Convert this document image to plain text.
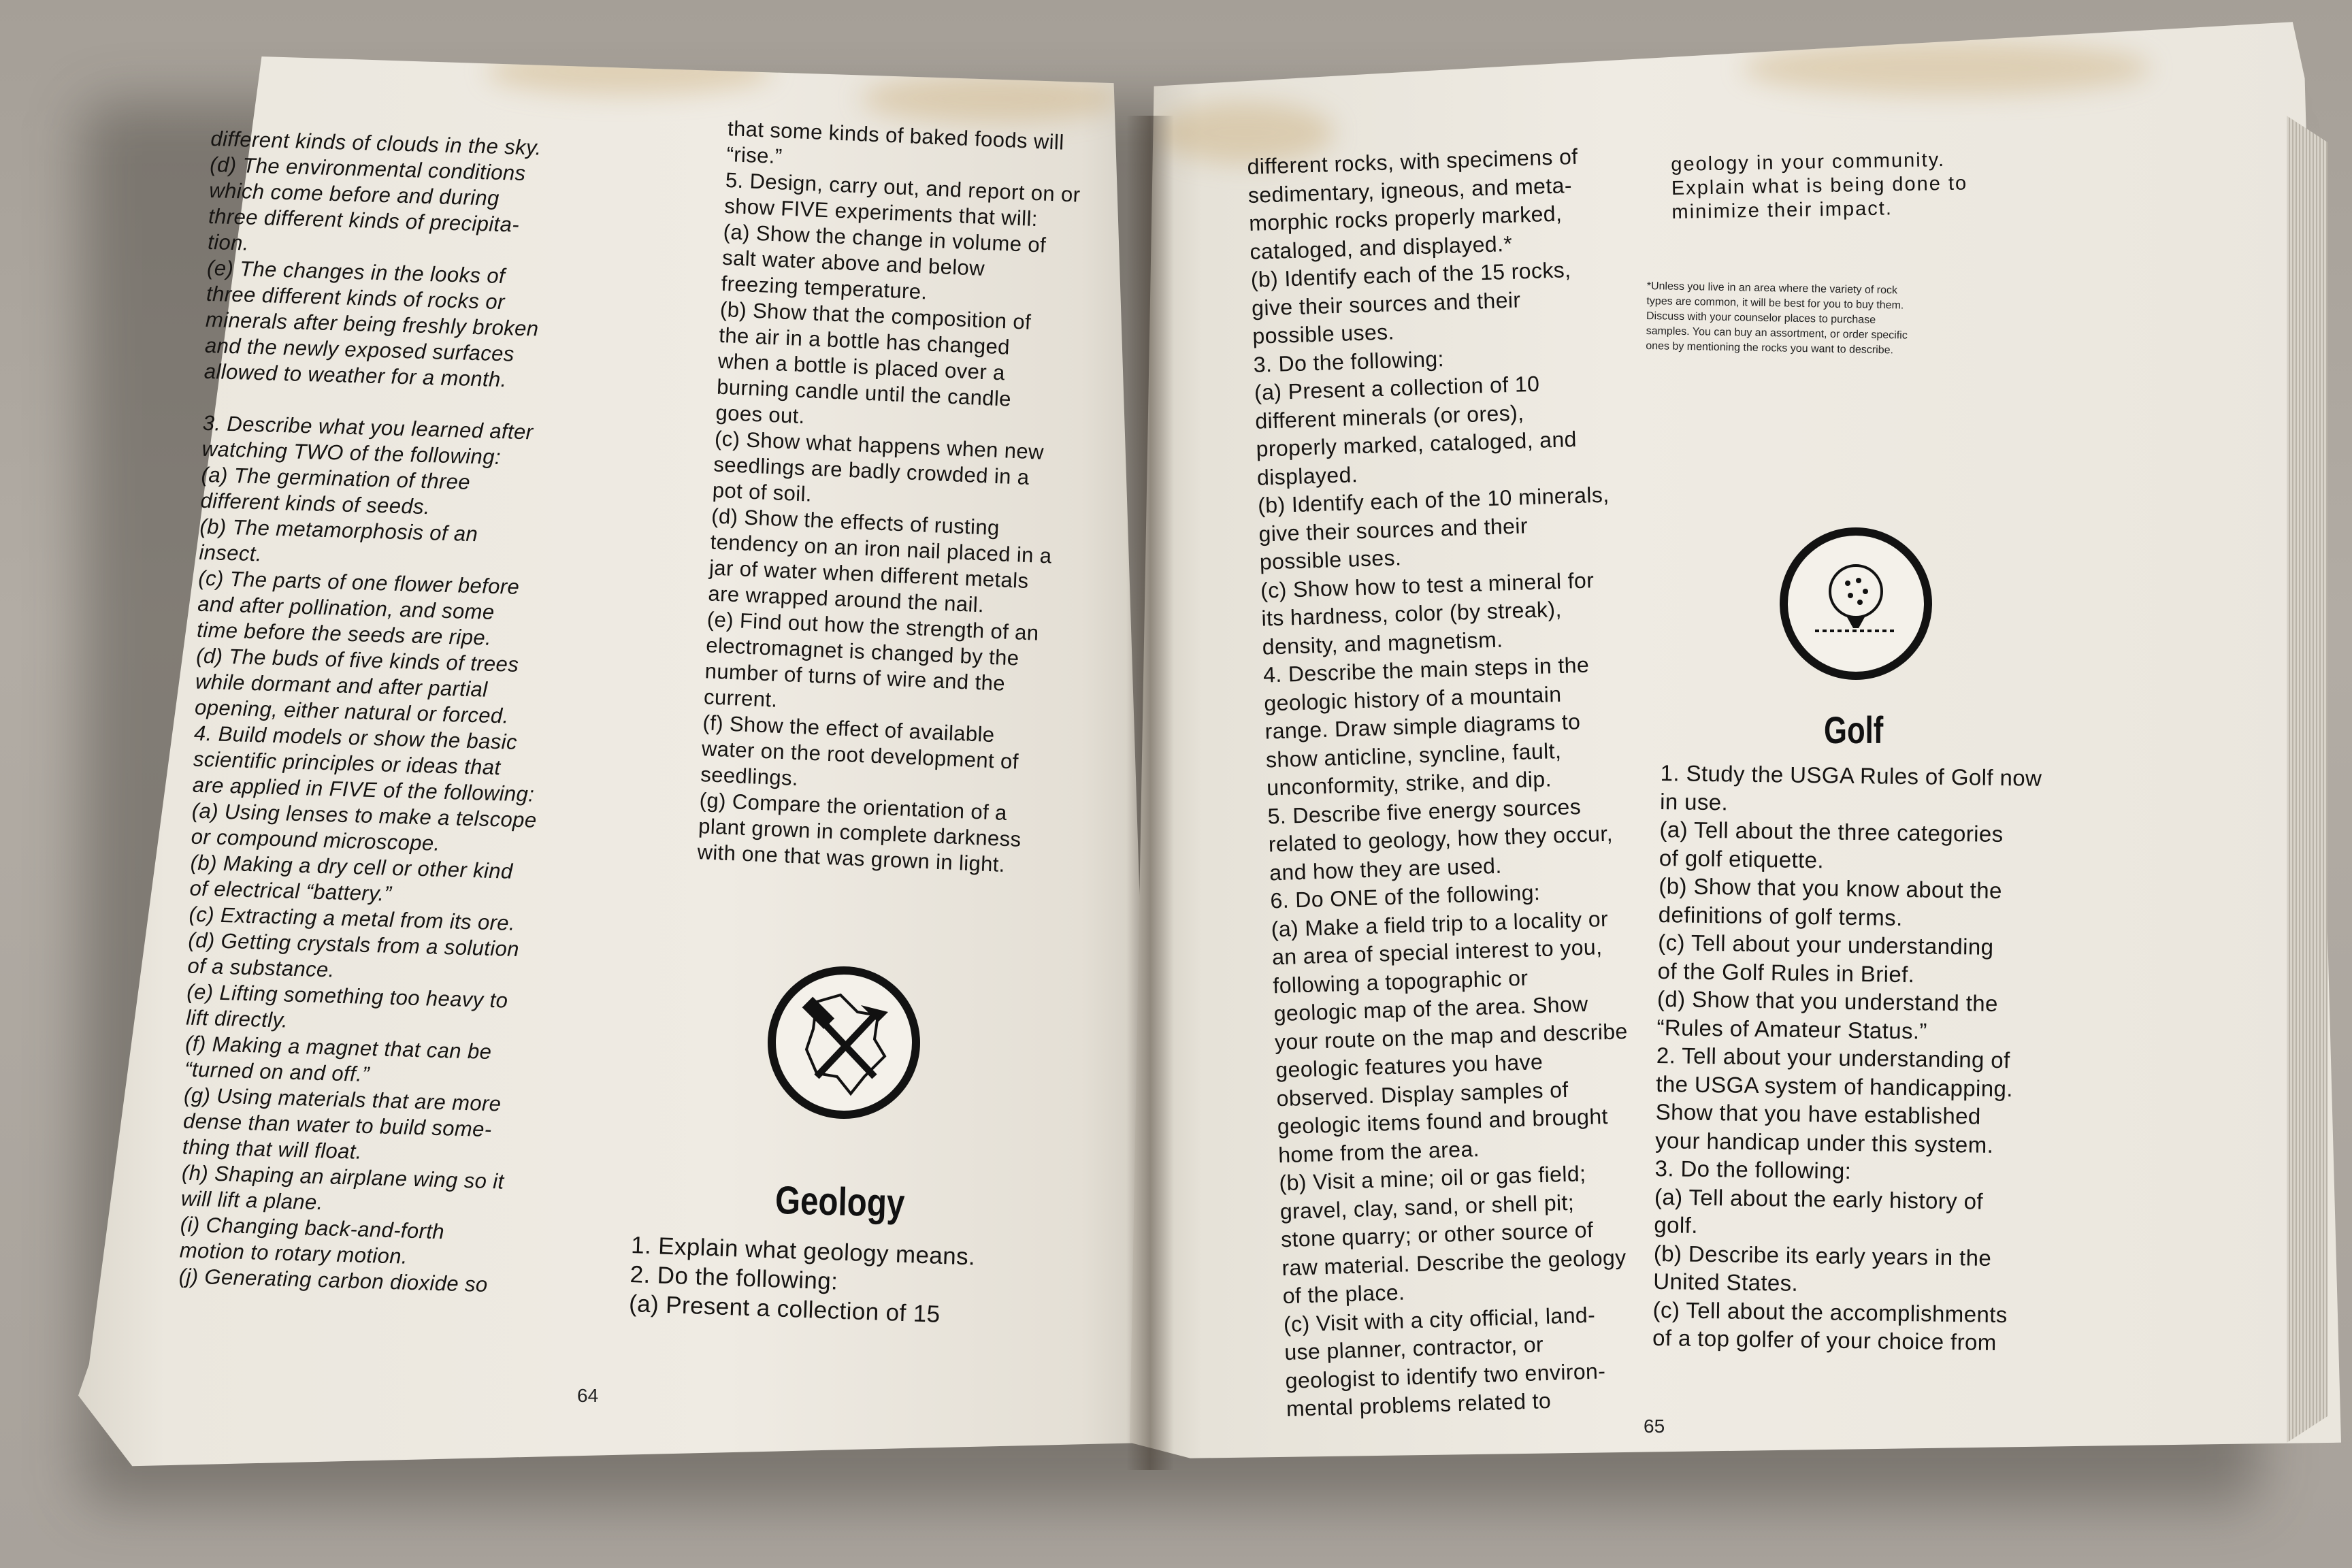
different kinds of clouds in the sky.
(d) The environmental conditions
which come before and during
three different kinds of precipita-
tion.
(e) The changes in the looks of
three different kinds of rocks or
minerals after being freshly broken
and the newly exposed surfaces
allowed to weather for a month.

3. Describe what you learned after
watching TWO of the following:
(a) The germination of three
different kinds of seeds.
(b) The metamorphosis of an
insect.
(c) The parts of one flower before
and after pollination, and some
time before the seeds are ripe.
(d) The buds of five kinds of trees
while dormant and after partial
opening, either natural or forced.
4. Build models or show the basic
scientific principles or ideas that
are applied in FIVE of the following:
(a) Using lenses to make a telscope
or compound microscope.
(b) Making a dry cell or other kind
of electrical “battery.”
(c) Extracting a metal from its ore.
(d) Getting crystals from a solution
of a substance.
(e) Lifting something too heavy to
lift directly.
(f) Making a magnet that can be
“turned on and off.”
(g) Using materials that are more
dense than water to build some-
thing that will float.
(h) Shaping an airplane wing so it
will lift a plane.
(i) Changing back-and-forth
motion to rotary motion.
(j) Generating carbon dioxide so
that some kinds of baked foods will
“rise.”
5. Design, carry out, and report on or
show FIVE experiments that will:
(a) Show the change in volume of
salt water above and below
freezing temperature.
(b) Show that the composition of
the air in a bottle has changed
when a bottle is placed over a
burning candle until the candle
goes out.
(c) Show what happens when new
seedlings are badly crowded in a
pot of soil.
(d) Show the effects of rusting
tendency on an iron nail placed in a
jar of water when different metals
are wrapped around the nail.
(e) Find out how the strength of an
electromagnet is changed by the
number of turns of wire and the
current.
(f) Show the effect of available
water on the root development of
seedlings.
(g) Compare the orientation of a
plant grown in complete darkness
with one that was grown in light.
Geology
1. Explain what geology means.
2. Do the following:
(a) Present a collection of 15
64
different rocks, with specimens of
sedimentary, igneous, and meta-
morphic rocks properly marked,
cataloged, and displayed.*
(b) Identify each of the 15 rocks,
give their sources and their
possible uses.
3. Do the following:
(a) Present a collection of 10
different minerals (or ores),
properly marked, cataloged, and
displayed.
(b) Identify each of the 10 minerals,
give their sources and their
possible uses.
(c) Show how to test a mineral for
its hardness, color (by streak),
density, and magnetism.
4. Describe the main steps in the
geologic history of a mountain
range. Draw simple diagrams to
show anticline, syncline, fault,
unconformity, strike, and dip.
5. Describe five energy sources
related to geology, how they occur,
and how they are used.
6. Do ONE of the following:
(a) Make a field trip to a locality or
an area of special interest to you,
following a topographic or
geologic map of the area. Show
your route on the map and describe
geologic features you have
observed. Display samples of
geologic items found and brought
home from the area.
(b) Visit a mine; oil or gas field;
gravel, clay, sand, or shell pit;
stone quarry; or other source of
raw material. Describe the geology
of the place.
(c) Visit with a city official, land-
use planner, contractor, or
geologist to identify two environ-
mental problems related to
geology in your community.
Explain what is being done to
minimize their impact.
*Unless you live in an area where the variety of rock
types are common, it will be best for you to buy them.
Discuss with your counselor places to purchase
samples. You can buy an assortment, or order specific
ones by mentioning the rocks you want to describe.
Golf
1. Study the USGA Rules of Golf now
in use.
(a) Tell about the three categories
of golf etiquette.
(b) Show that you know about the
definitions of golf terms.
(c) Tell about your understanding
of the Golf Rules in Brief.
(d) Show that you understand the
“Rules of Amateur Status.”
2. Tell about your understanding of
the USGA system of handicapping.
Show that you have established
your handicap under this system.
3. Do the following:
(a) Tell about the early history of
golf.
(b) Describe its early years in the
United States.
(c) Tell about the accomplishments
of a top golfer of your choice from
65
